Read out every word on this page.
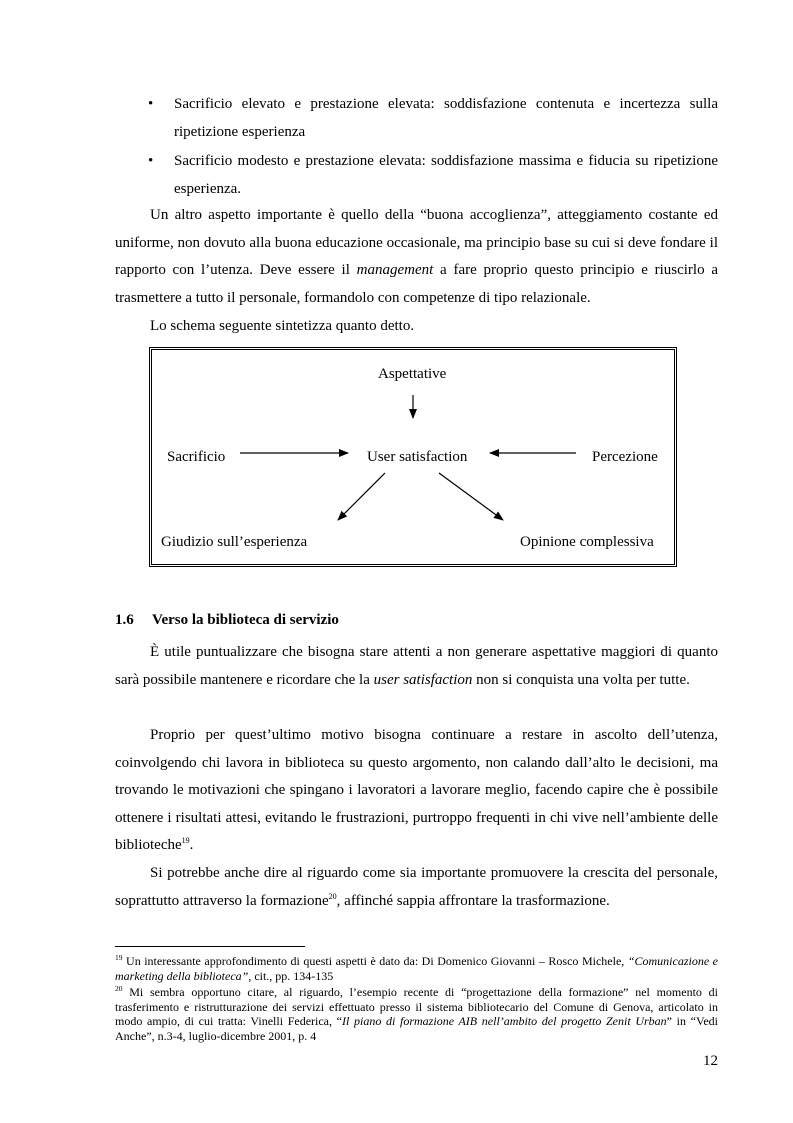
• Sacrificio elevato e prestazione elevata: soddisfazione contenuta e incertezza sulla ripetizione esperienza
• Sacrificio modesto e prestazione elevata: soddisfazione massima e fiducia su ripetizione esperienza.

Un altro aspetto importante è quello della “buona accoglienza”, atteggiamento costante ed uniforme, non dovuto alla buona educazione occasionale, ma principio base su cui si deve fondare il rapporto con l’utenza. Deve essere il management a fare proprio questo principio e riuscirlo a trasmettere a tutto il personale, formandolo con competenze di tipo relazionale.

Lo schema seguente sintetizza quanto detto.

Aspettative
User satisfaction
Sacrificio	Percezione
Giudizio sull’esperienza	Opinione complessiva
1.6 Verso la biblioteca di servizio

È utile puntualizzare che bisogna stare attenti a non generare aspettative maggiori di quanto sarà possibile mantenere e ricordare che la user satisfaction non si conquista una volta per tutte.

Proprio per quest’ultimo motivo bisogna continuare a restare in ascolto dell’utenza, coinvolgendo chi lavora in biblioteca su questo argomento, non calando dall’alto le decisioni, ma trovando le motivazioni che spingano i lavoratori a lavorare meglio, facendo capire che è possibile ottenere i risultati attesi, evitando le frustrazioni, purtroppo frequenti in chi vive nell’ambiente delle biblioteche$^{19}$.

Si potrebbe anche dire al riguardo come sia importante promuovere la crescita del personale, soprattutto attraverso la formazione$^{20}$, affinché sappia affrontare la trasformazione.

$^{19}$ Un interessante approfondimento di questi aspetti è dato da: Di Domenico Giovanni – Rosco Michele, “Comunicazione e marketing della biblioteca”, cit., pp. 134-135

$^{20}$ Mi sembra opportuno citare, al riguardo, l’esempio recente di “progettazione della formazione” nel momento di trasferimento e ristrutturazione dei servizi effettuato presso il sistema bibliotecario del Comune di Genova, articolato in modo ampio, di cui tratta: Vinelli Federica, “Il piano di formazione AIB nell’ambito del progetto Zenit Urban” in “Vedi Anche”, n.3-4, luglio-dicembre 2001, p. 4

12
